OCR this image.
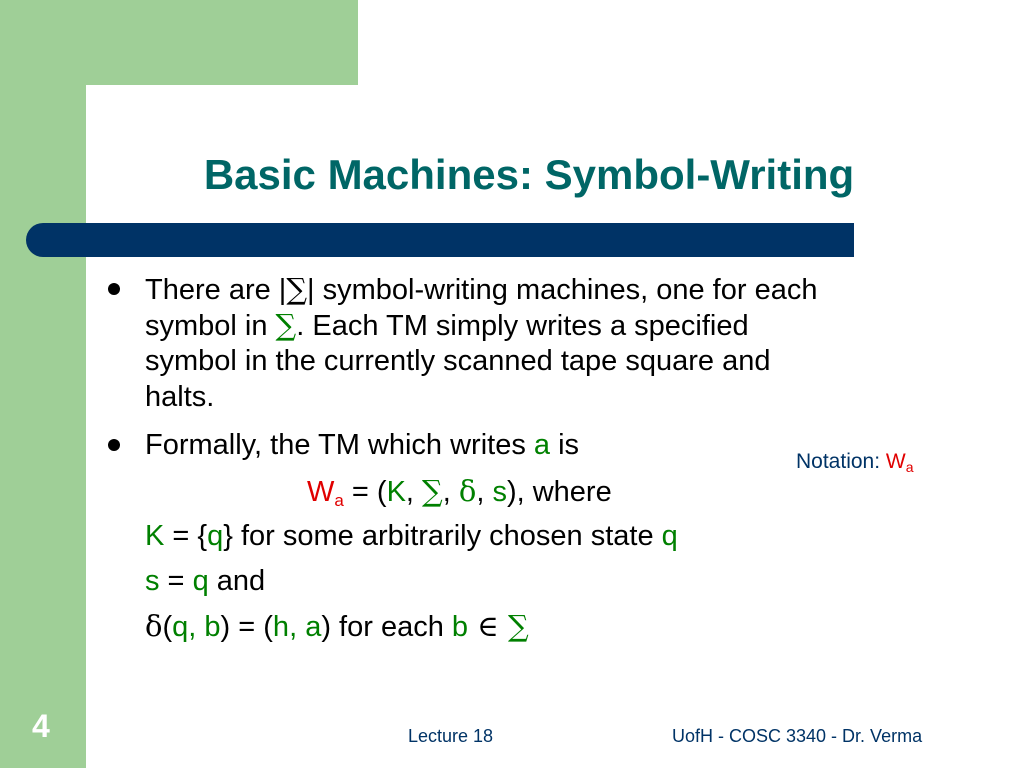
Basic Machines: Symbol-Writing
There are |∑| symbol-writing machines, one for each
symbol in ∑. Each TM simply writes a specified
symbol in the currently scanned tape square and
halts.
Formally, the TM which writes a is
$W_a = (K$, ∑, δ, s), where
K = {q} for some arbitrarily chosen state q
s = q and
δ(q, b) = (h, a) for each b ∈ ∑
Notation: $W_a$
4	Lecture 18	UofH - COSC 3340 - Dr. Verma
